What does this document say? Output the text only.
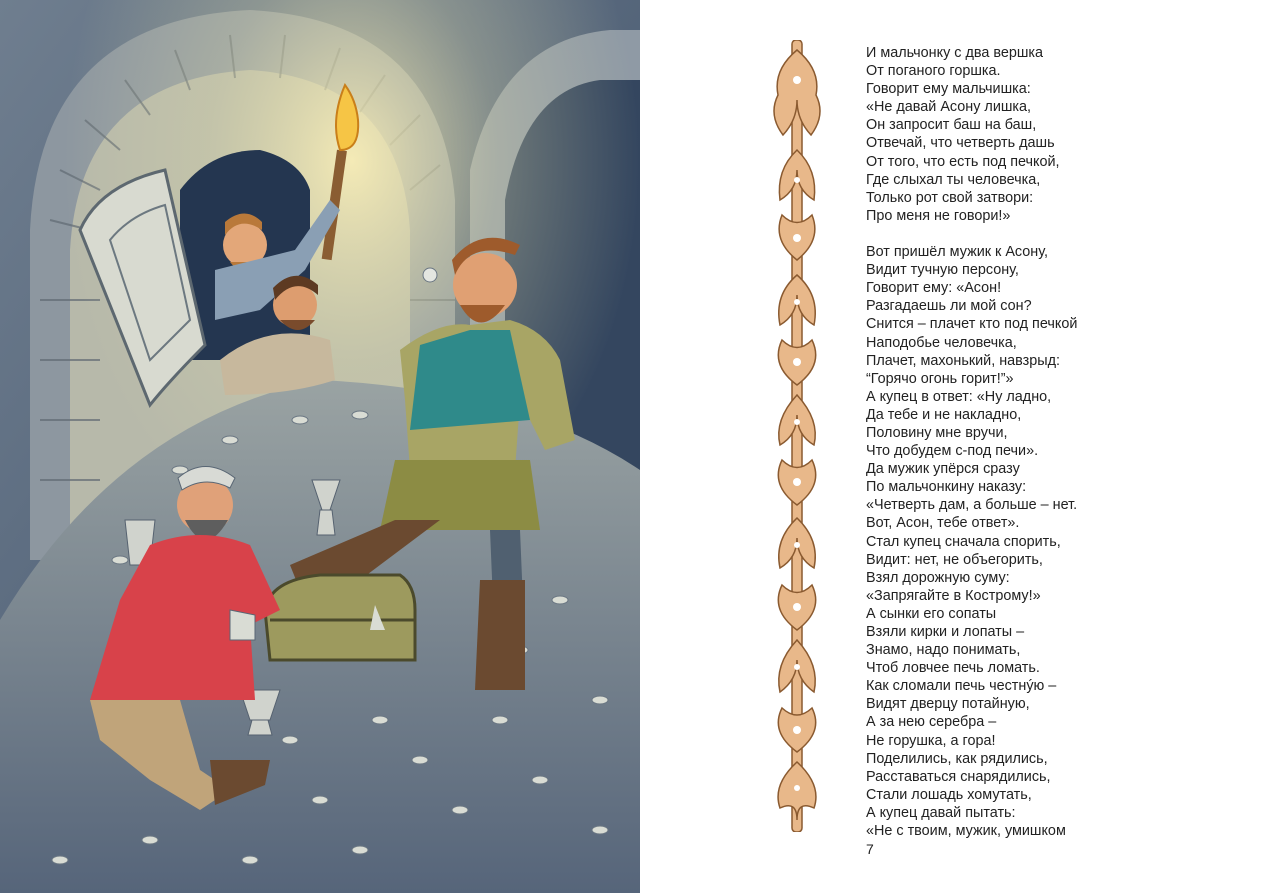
И мальчонку с два вершка
От поганого горшка.
Говорит ему мальчишка:
«Не давай Асону лишка,
Он запросит баш на баш,
Отвечай, что четверть дашь
От того, что есть под печкой,
Где слыхал ты человечка,
Только рот свой затвори:
Про меня не говори!»

Вот пришёл мужик к Асону,
Видит тучную персону,
Говорит ему: «Асон!
Разгадаешь ли мой сон?
Снится – плачет кто под печкой
Наподобье человечка,
Плачет, махонький, навзрыд:
“Горячо огонь горит!”»
А купец в ответ: «Ну ладно,
Да тебе и не накладно,
Половину мне вручи,
Что добудем с-под печи».
Да мужик упёрся сразу
По мальчонкину наказу:
«Четверть дам, а больше – нет.
Вот, Асон, тебе ответ».
Стал купец сначала спорить,
Видит: нет, не объегорить,
Взял дорожную суму:
«Запрягайте в Кострому!»
А сынки его сопаты
Взяли кирки и лопаты –
Знамо, надо понимать,
Чтоб ловчее печь ломать.
Как сломали печь честнýю –
Видят дверцу потайную,
А за нею серебра –
Не горушка, а гора!
Поделились, как рядились,
Расставаться снарядились,
Стали лошадь хомутать,
А купец давай пытать:
«Не с твоим, мужик, умишком

7
